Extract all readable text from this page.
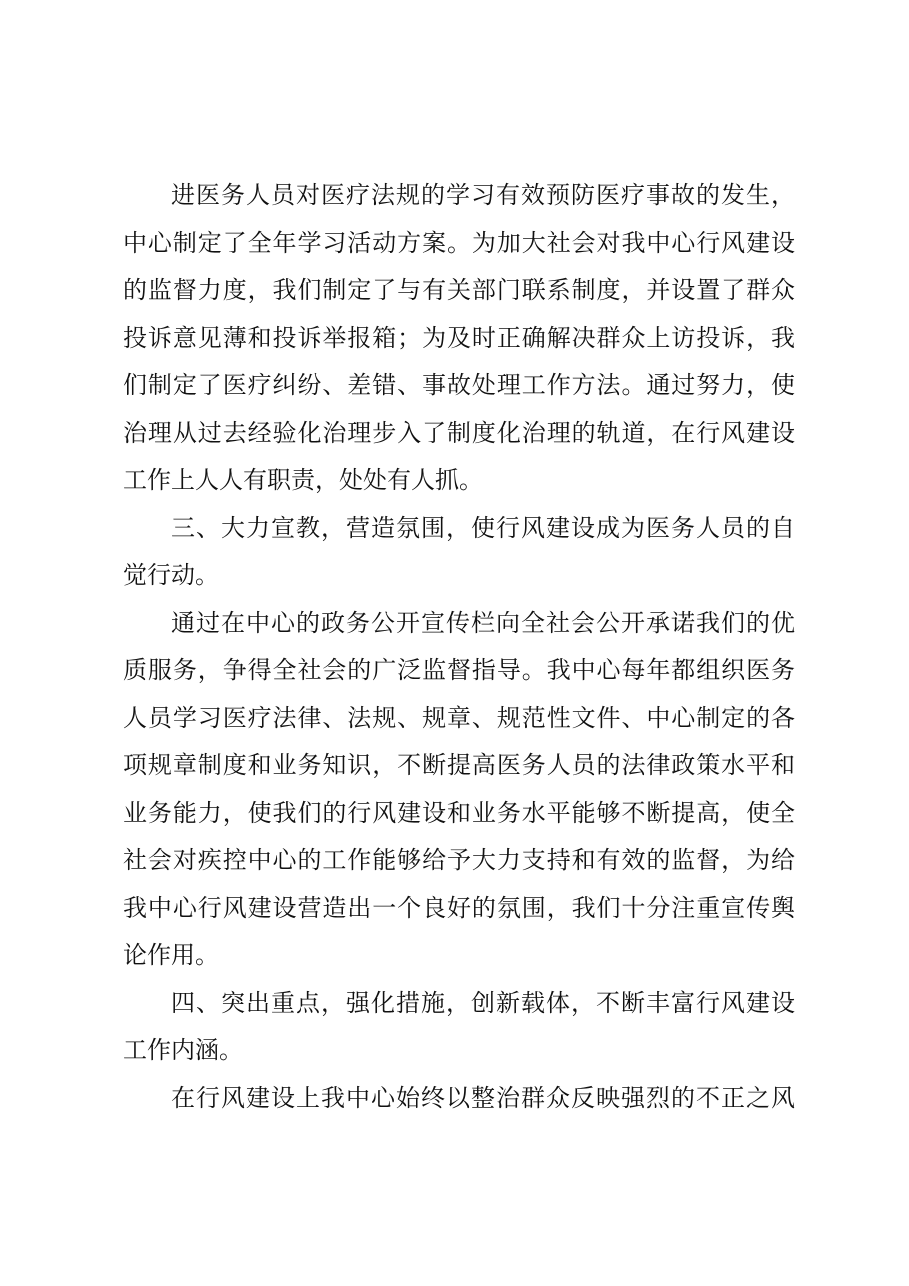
进医务人员对医疗法规的学习有效预防医疗事故的发生，
中心制定了全年学习活动方案。为加大社会对我中心行风建设
的监督力度，我们制定了与有关部门联系制度，并设置了群众
投诉意见薄和投诉举报箱；为及时正确解决群众上访投诉，我
们制定了医疗纠纷、差错、事故处理工作方法。通过努力，使
治理从过去经验化治理步入了制度化治理的轨道，在行风建设
工作上人人有职责，处处有人抓。
三、大力宣教，营造氛围，使行风建设成为医务人员的自
觉行动。
通过在中心的政务公开宣传栏向全社会公开承诺我们的优
质服务，争得全社会的广泛监督指导。我中心每年都组织医务
人员学习医疗法律、法规、规章、规范性文件、中心制定的各
项规章制度和业务知识，不断提高医务人员的法律政策水平和
业务能力，使我们的行风建设和业务水平能够不断提高，使全
社会对疾控中心的工作能够给予大力支持和有效的监督，为给
我中心行风建设营造出一个良好的氛围，我们十分注重宣传舆
论作用。
四、突出重点，强化措施，创新载体，不断丰富行风建设
工作内涵。
在行风建设上我中心始终以整治群众反映强烈的不正之风
